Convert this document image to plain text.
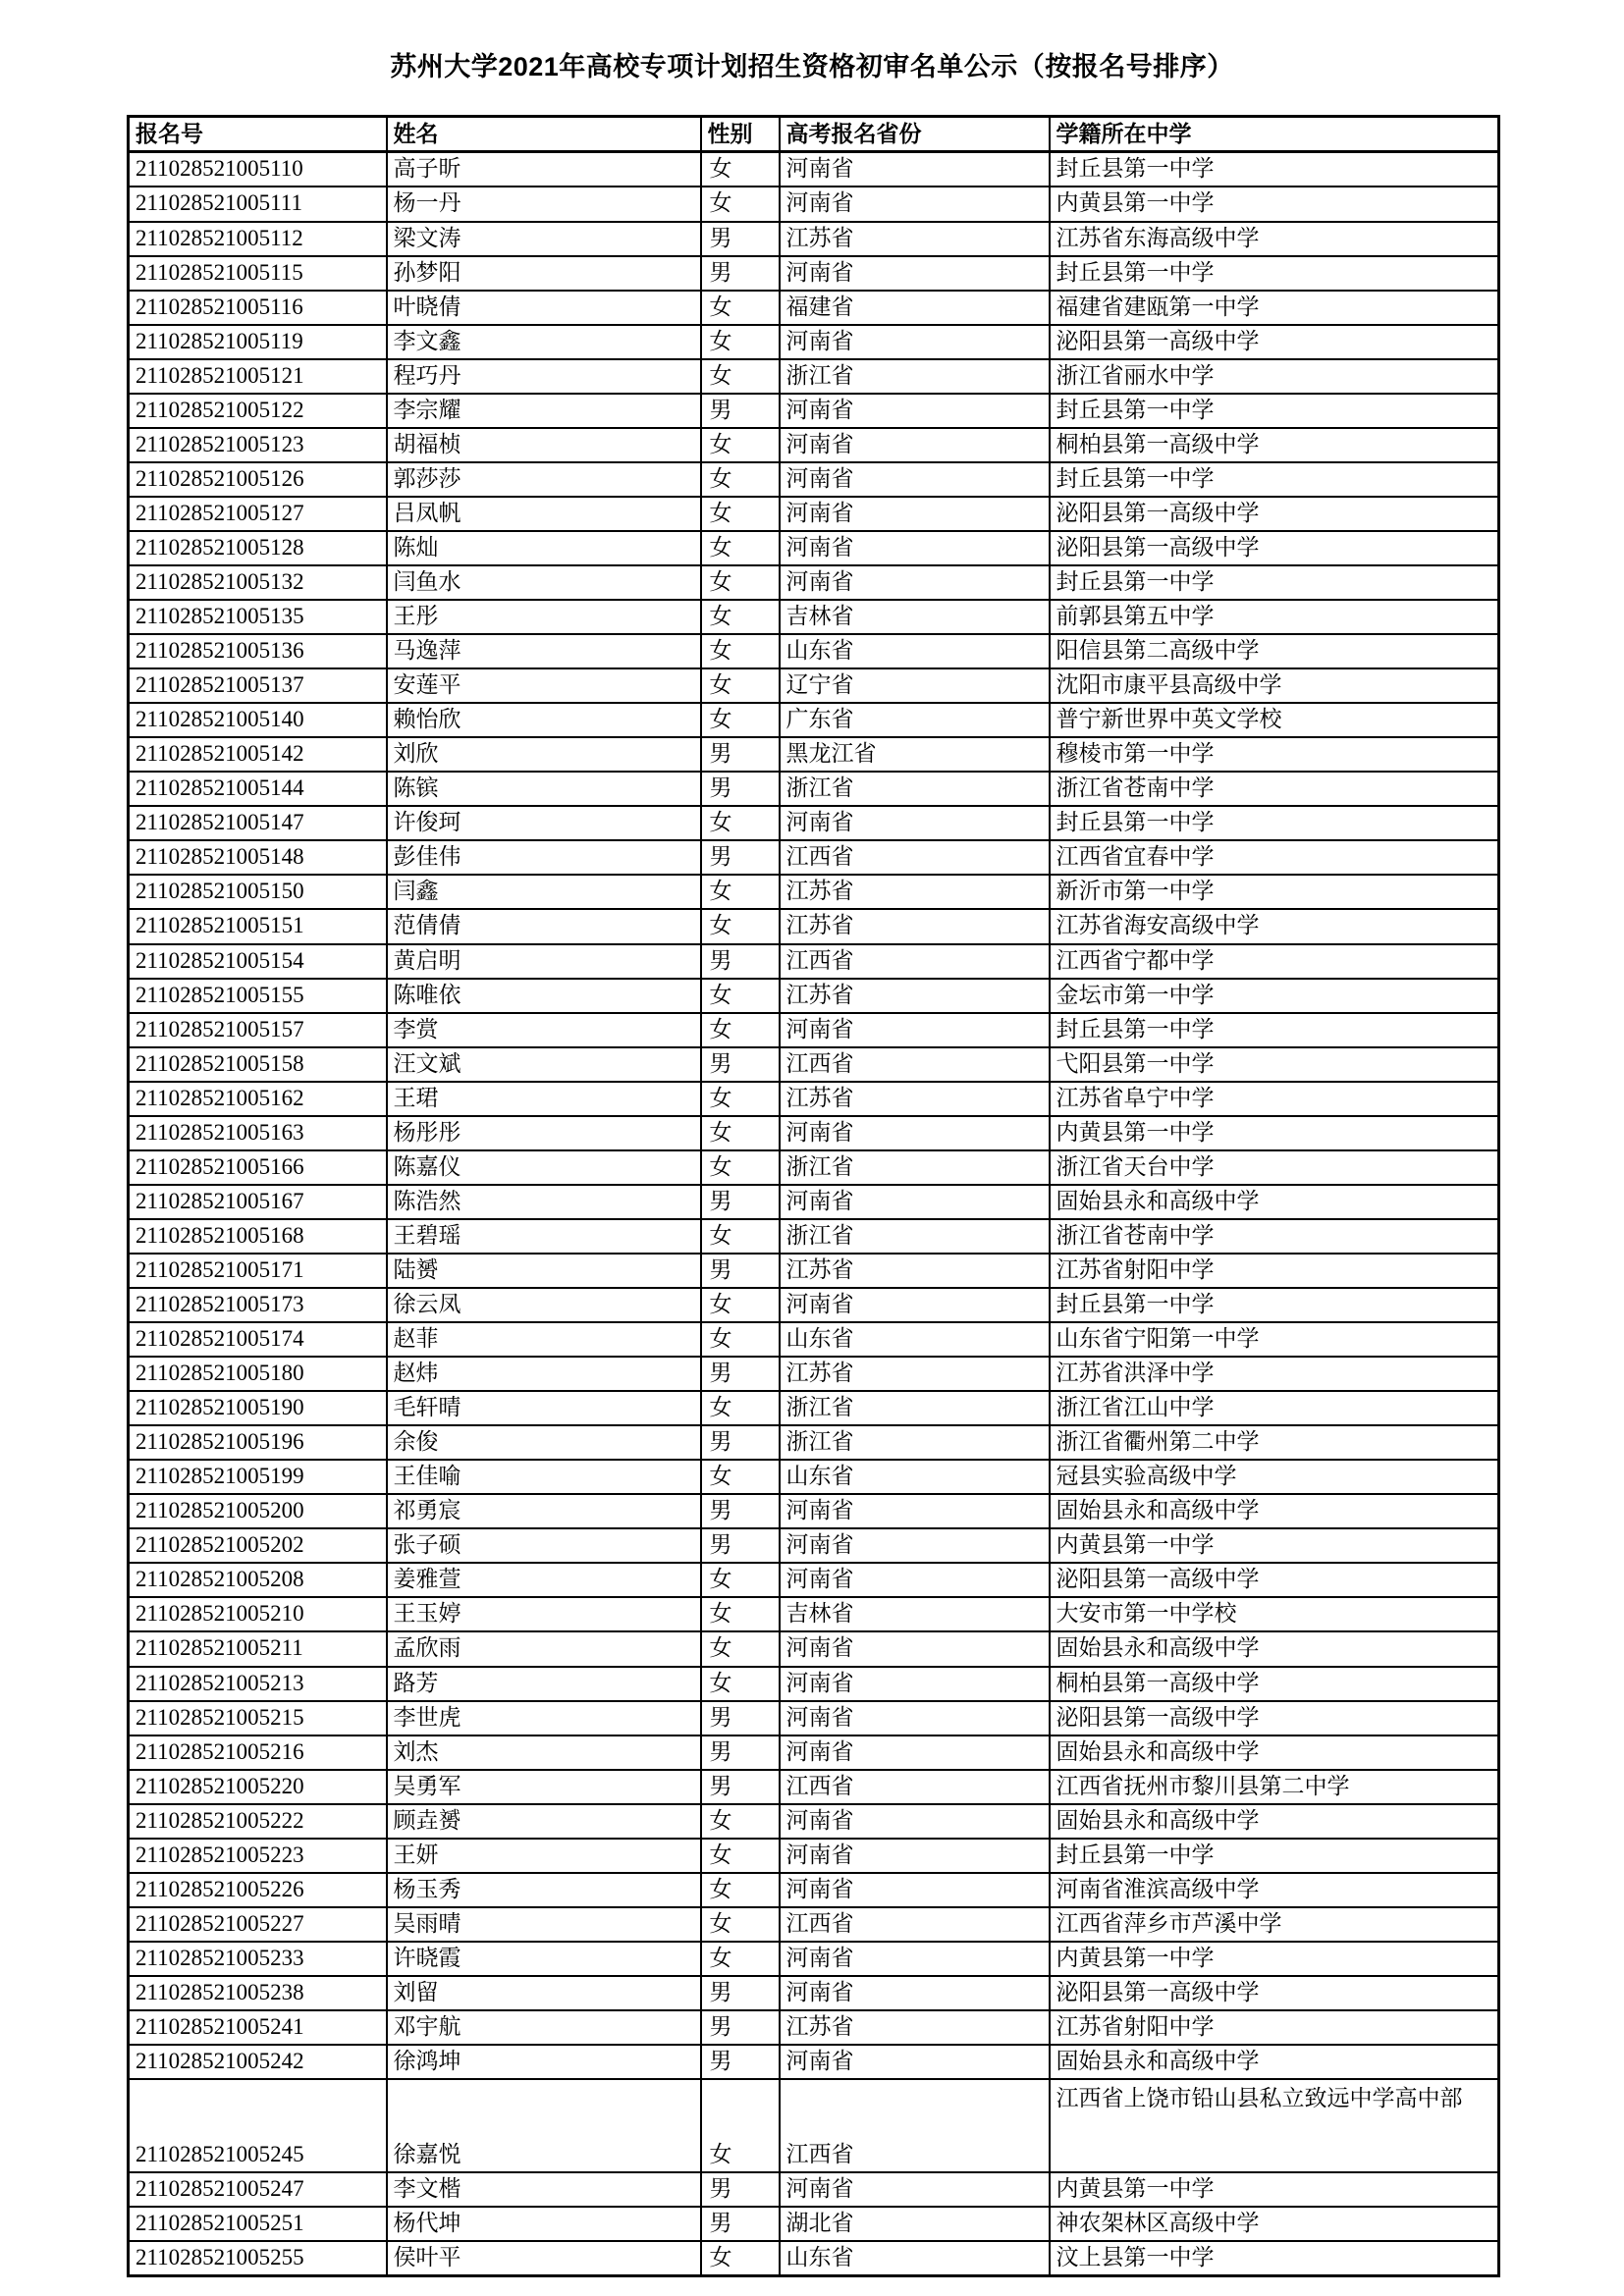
苏州大学2021年高校专项计划招生资格初审名单公示（按报名号排序）
报名号	姓名	性别	高考报名省份	学籍所在中学
211028521005110	高子昕	女	河南省	封丘县第一中学
211028521005111	杨一丹	女	河南省	内黄县第一中学
211028521005112	梁文涛	男	江苏省	江苏省东海高级中学
211028521005115	孙梦阳	男	河南省	封丘县第一中学
211028521005116	叶晓倩	女	福建省	福建省建瓯第一中学
211028521005119	李文鑫	女	河南省	泌阳县第一高级中学
211028521005121	程巧丹	女	浙江省	浙江省丽水中学
211028521005122	李宗耀	男	河南省	封丘县第一中学
211028521005123	胡福桢	女	河南省	桐柏县第一高级中学
211028521005126	郭莎莎	女	河南省	封丘县第一中学
211028521005127	吕凤帆	女	河南省	泌阳县第一高级中学
211028521005128	陈灿	女	河南省	泌阳县第一高级中学
211028521005132	闫鱼水	女	河南省	封丘县第一中学
211028521005135	王彤	女	吉林省	前郭县第五中学
211028521005136	马逸萍	女	山东省	阳信县第二高级中学
211028521005137	安莲平	女	辽宁省	沈阳市康平县高级中学
211028521005140	赖怡欣	女	广东省	普宁新世界中英文学校
211028521005142	刘欣	男	黑龙江省	穆棱市第一中学
211028521005144	陈镔	男	浙江省	浙江省苍南中学
211028521005147	许俊珂	女	河南省	封丘县第一中学
211028521005148	彭佳伟	男	江西省	江西省宜春中学
211028521005150	闫鑫	女	江苏省	新沂市第一中学
211028521005151	范倩倩	女	江苏省	江苏省海安高级中学
211028521005154	黄启明	男	江西省	江西省宁都中学
211028521005155	陈唯依	女	江苏省	金坛市第一中学
211028521005157	李赏	女	河南省	封丘县第一中学
211028521005158	汪文斌	男	江西省	弋阳县第一中学
211028521005162	王珺	女	江苏省	江苏省阜宁中学
211028521005163	杨彤彤	女	河南省	内黄县第一中学
211028521005166	陈嘉仪	女	浙江省	浙江省天台中学
211028521005167	陈浩然	男	河南省	固始县永和高级中学
211028521005168	王碧瑶	女	浙江省	浙江省苍南中学
211028521005171	陆赟	男	江苏省	江苏省射阳中学
211028521005173	徐云凤	女	河南省	封丘县第一中学
211028521005174	赵菲	女	山东省	山东省宁阳第一中学
211028521005180	赵炜	男	江苏省	江苏省洪泽中学
211028521005190	毛轩晴	女	浙江省	浙江省江山中学
211028521005196	余俊	男	浙江省	浙江省衢州第二中学
211028521005199	王佳喻	女	山东省	冠县实验高级中学
211028521005200	祁勇宸	男	河南省	固始县永和高级中学
211028521005202	张子硕	男	河南省	内黄县第一中学
211028521005208	姜雅萱	女	河南省	泌阳县第一高级中学
211028521005210	王玉婷	女	吉林省	大安市第一中学校
211028521005211	孟欣雨	女	河南省	固始县永和高级中学
211028521005213	路芳	女	河南省	桐柏县第一高级中学
211028521005215	李世虎	男	河南省	泌阳县第一高级中学
211028521005216	刘杰	男	河南省	固始县永和高级中学
211028521005220	吴勇军	男	江西省	江西省抚州市黎川县第二中学
211028521005222	顾垚赟	女	河南省	固始县永和高级中学
211028521005223	王妍	女	河南省	封丘县第一中学
211028521005226	杨玉秀	女	河南省	河南省淮滨高级中学
211028521005227	吴雨晴	女	江西省	江西省萍乡市芦溪中学
211028521005233	许晓霞	女	河南省	内黄县第一中学
211028521005238	刘留	男	河南省	泌阳县第一高级中学
211028521005241	邓宇航	男	江苏省	江苏省射阳中学
211028521005242	徐鸿坤	男	河南省	固始县永和高级中学
211028521005245	徐嘉悦	女	江西省	江西省上饶市铅山县私立致远中学高中部
211028521005247	李文楷	男	河南省	内黄县第一中学
211028521005251	杨代坤	男	湖北省	神农架林区高级中学
211028521005255	侯叶平	女	山东省	汶上县第一中学
